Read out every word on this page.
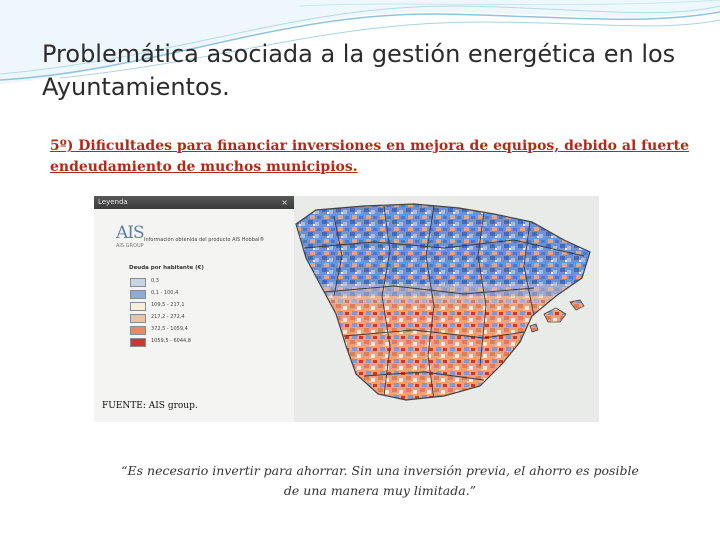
Problemática asociada a la gestión energética en los Ayuntamientos.

5º) Dificultades para financiar inversiones en mejora de equipos, debido al fuerte endeudamiento de muchos municipios.

Leyenda	×
AIS
AIS GROUP
Información obtenida del producto AIS Hobbal®
Deuda por habitante (€)
0,3
0,1 - 100,4
109,5 - 217,1
217,2 - 272,4
372,5 - 1059,4
1059,5 - 6044,8
FUENTE: AIS group.

“Es necesario invertir para ahorrar. Sin una inversión previa, el ahorro es posible de una manera muy limitada.”
